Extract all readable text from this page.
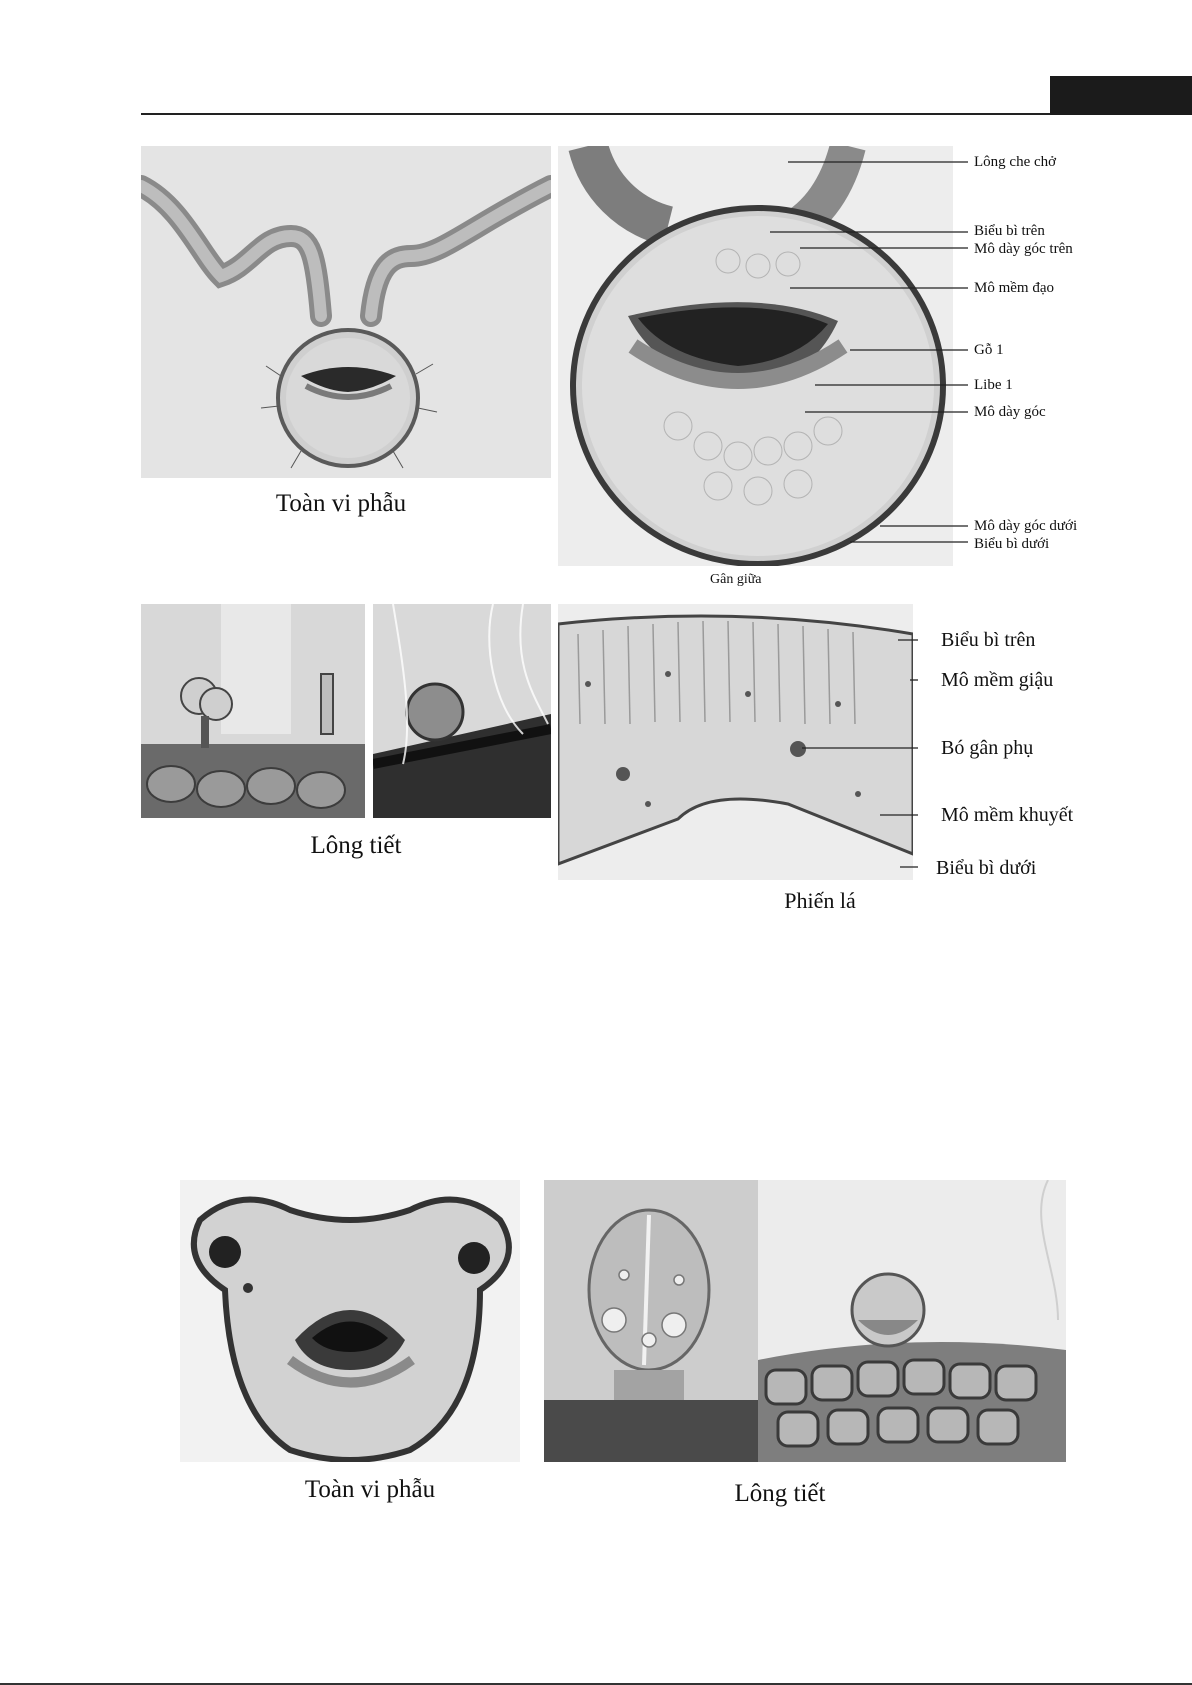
Toàn vi phẫu
Lông che chở
Biểu bì trên
Mô dày góc trên
Mô mềm đạo
Gỗ 1
Libe 1
Mô dày góc
Mô dày góc dưới
Biểu bì dưới
Gân giữa
Lông tiết
Biểu bì trên
Mô mềm giậu
Bó gân phụ
Mô mềm khuyết
Biểu bì dưới
Phiến lá
Toàn vi phẫu	Lông tiết
